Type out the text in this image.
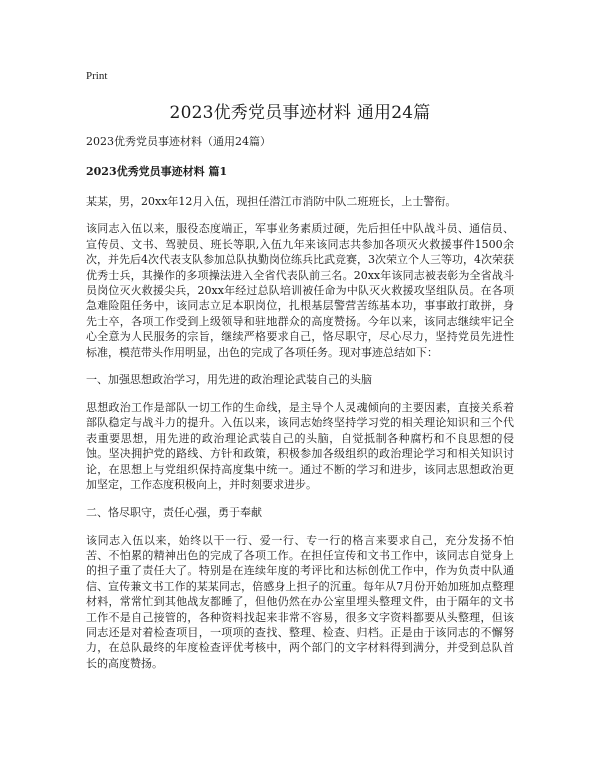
Print

2023优秀党员事迹材料 通用24篇

2023优秀党员事迹材料（通用24篇）

2023优秀党员事迹材料 篇1

某某，男，20xx年12月入伍，现担任潜江市消防中队二班班长，上士警衔。

该同志入伍以来，服役态度端正，军事业务素质过硬，先后担任中队战斗员、通信员、宣传员、文书、驾驶员、班长等职,入伍九年来该同志共参加各项灭火救援事件1500余次，并先后4次代表支队参加总队执勤岗位练兵比武竞赛，3次荣立个人三等功，4次荣获优秀士兵，其操作的多项操法进入全省代表队前三名。20xx年该同志被表彰为全省战斗员岗位灭火救援尖兵，20xx年经过总队培训被任命为中队灭火救援攻坚组队员。在各项急难险阻任务中，该同志立足本职岗位，扎根基层警营苦练基本功，事事敢打敢拼，身先士卒，各项工作受到上级领导和驻地群众的高度赞扬。今年以来，该同志继续牢记全心全意为人民服务的宗旨，继续严格要求自己，恪尽职守，尽心尽力，坚持党员先进性标准，模范带头作用明显，出色的完成了各项任务。现对事迹总结如下：

一、加强思想政治学习，用先进的政治理论武装自己的头脑

思想政治工作是部队一切工作的生命线，是主导个人灵魂倾向的主要因素，直接关系着部队稳定与战斗力的提升。入伍以来，该同志始终坚持学习党的相关理论知识和三个代表重要思想，用先进的政治理论武装自己的头脑，自觉抵制各种腐朽和不良思想的侵蚀。坚决拥护党的路线、方针和政策，积极参加各级组织的政治理论学习和相关知识讨论，在思想上与党组织保持高度集中统一。通过不断的学习和进步，该同志思想政治更加坚定，工作态度积极向上，并时刻要求进步。

二、恪尽职守，责任心强，勇于奉献

该同志入伍以来，始终以干一行、爱一行、专一行的格言来要求自己，充分发扬不怕苦、不怕累的精神出色的完成了各项工作。在担任宣传和文书工作中，该同志自觉身上的担子重了责任大了。特别是在连续年度的考评比和达标创优工作中，作为负责中队通信、宣传兼文书工作的某某同志，倍感身上担子的沉重。每年从7月份开始加班加点整理材料，常常忙到其他战友都睡了，但他仍然在办公室里埋头整理文件，由于隔年的文书工作不是自己接管的，各种资料找起来非常不容易，很多文字资料都要从头整理，但该同志还是对着检查项目，一项项的查找、整理、检查、归档。正是由于该同志的不懈努力，在总队最终的年度检查评优考核中，两个部门的文字材料得到满分，并受到总队首长的高度赞扬。
